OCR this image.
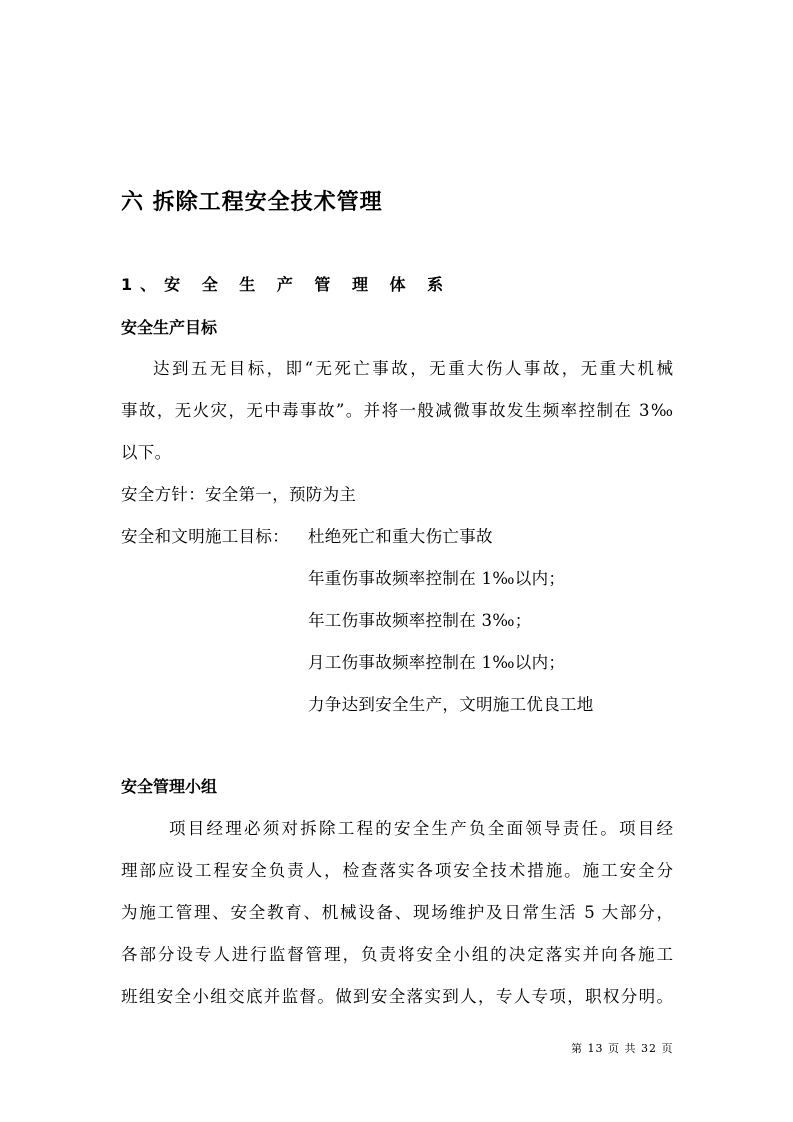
六 拆除工程安全技术管理
1、安 全 生 产 管 理 体 系
安全生产目标
达到五无目标，即“无死亡事故，无重大伤人事故，无重大机械
事故，无火灾，无中毒事故”。并将一般减微事故发生频率控制在 3‰
以下。
安全方针：安全第一，预防为主
安全和文明施工目标： 杜绝死亡和重大伤亡事故
年重伤事故频率控制在 1‰以内；
年工伤事故频率控制在 3‰；
月工伤事故频率控制在 1‰以内；
力争达到安全生产，文明施工优良工地
安全管理小组
项目经理必须对拆除工程的安全生产负全面领导责任。项目经
理部应设工程安全负责人，检查落实各项安全技术措施。施工安全分
为施工管理、安全教育、机械设备、现场维护及日常生活 5 大部分，
各部分设专人进行监督管理，负责将安全小组的决定落实并向各施工
班组安全小组交底并监督。做到安全落实到人，专人专项，职权分明。
第 13 页 共 32 页
